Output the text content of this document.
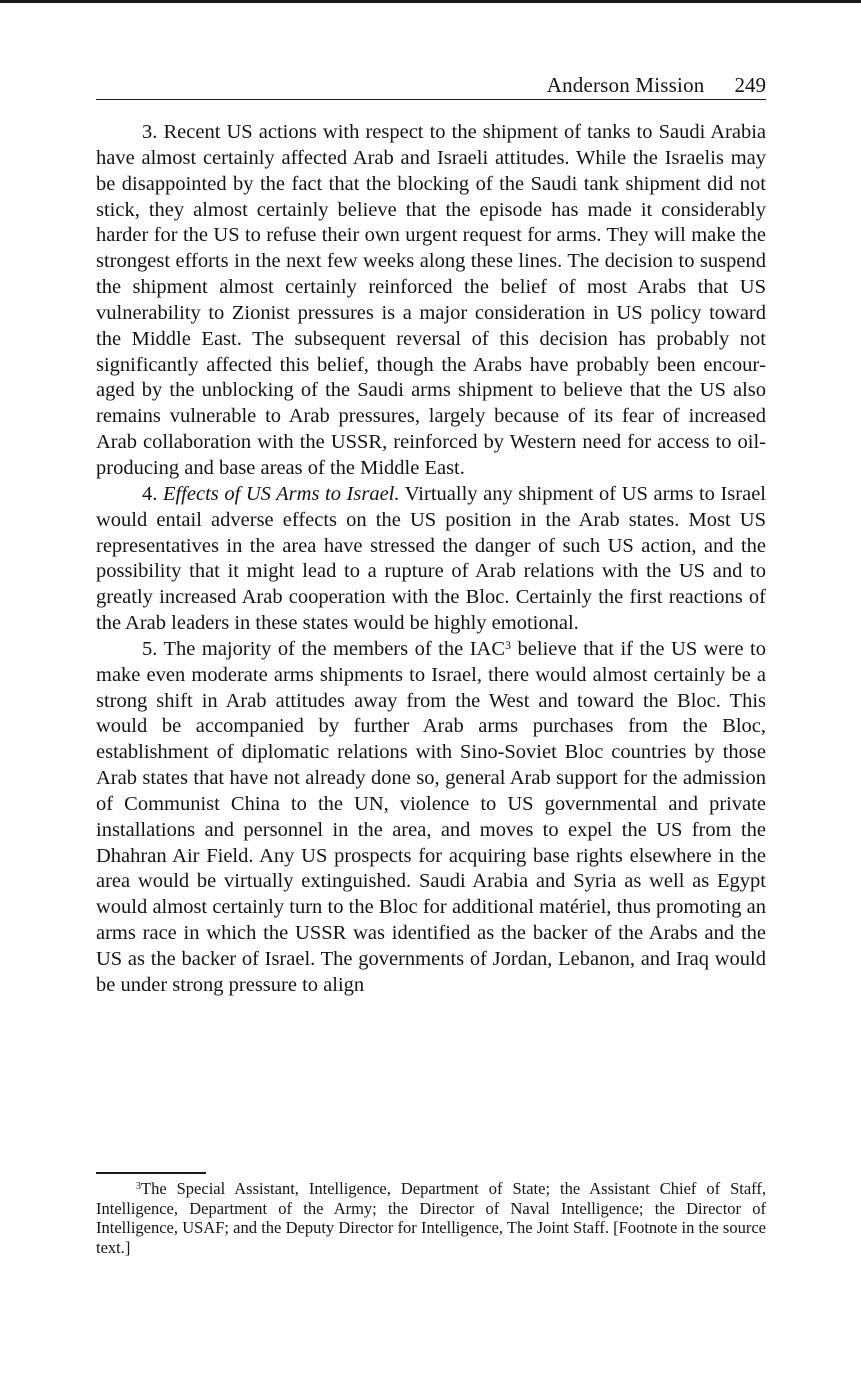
Anderson Mission 249

3. Recent US actions with respect to the shipment of tanks to Saudi Arabia have almost certainly affected Arab and Israeli attitudes. While the Israelis may be disappointed by the fact that the blocking of the Saudi tank shipment did not stick, they almost certainly believe that the episode has made it considerably harder for the US to refuse their own urgent request for arms. They will make the strongest efforts in the next few weeks along these lines. The decision to suspend the shipment almost certainly reinforced the belief of most Arabs that US vulnerability to Zionist pressures is a major consideration in US policy toward the Middle East. The subsequent reversal of this decision has probably not significantly affected this belief, though the Arabs have probably been encouraged by the unblocking of the Saudi arms shipment to believe that the US also remains vulnerable to Arab pressures, largely because of its fear of increased Arab collaboration with the USSR, reinforced by Western need for access to oil-producing and base areas of the Middle East.

4. Effects of US Arms to Israel. Virtually any shipment of US arms to Israel would entail adverse effects on the US position in the Arab states. Most US representatives in the area have stressed the danger of such US action, and the possibility that it might lead to a rupture of Arab relations with the US and to greatly increased Arab cooperation with the Bloc. Certainly the first reactions of the Arab leaders in these states would be highly emotional.

5. The majority of the members of the IAC$^3$ believe that if the US were to make even moderate arms shipments to Israel, there would almost certainly be a strong shift in Arab attitudes away from the West and toward the Bloc. This would be accompanied by further Arab arms purchases from the Bloc, establishment of diplomatic relations with Sino-Soviet Bloc countries by those Arab states that have not already done so, general Arab support for the admission of Communist China to the UN, violence to US governmental and private installations and personnel in the area, and moves to expel the US from the Dhahran Air Field. Any US prospects for acquiring base rights elsewhere in the area would be virtually extinguished. Saudi Arabia and Syria as well as Egypt would almost certainly turn to the Bloc for additional matériel, thus promoting an arms race in which the USSR was identified as the backer of the Arabs and the US as the backer of Israel. The governments of Jordan, Lebanon, and Iraq would be under strong pressure to align

$^3$The Special Assistant, Intelligence, Department of State; the Assistant Chief of Staff, Intelligence, Department of the Army; the Director of Naval Intelligence; the Director of Intelligence, USAF; and the Deputy Director for Intelligence, The Joint Staff. [Footnote in the source text.]
